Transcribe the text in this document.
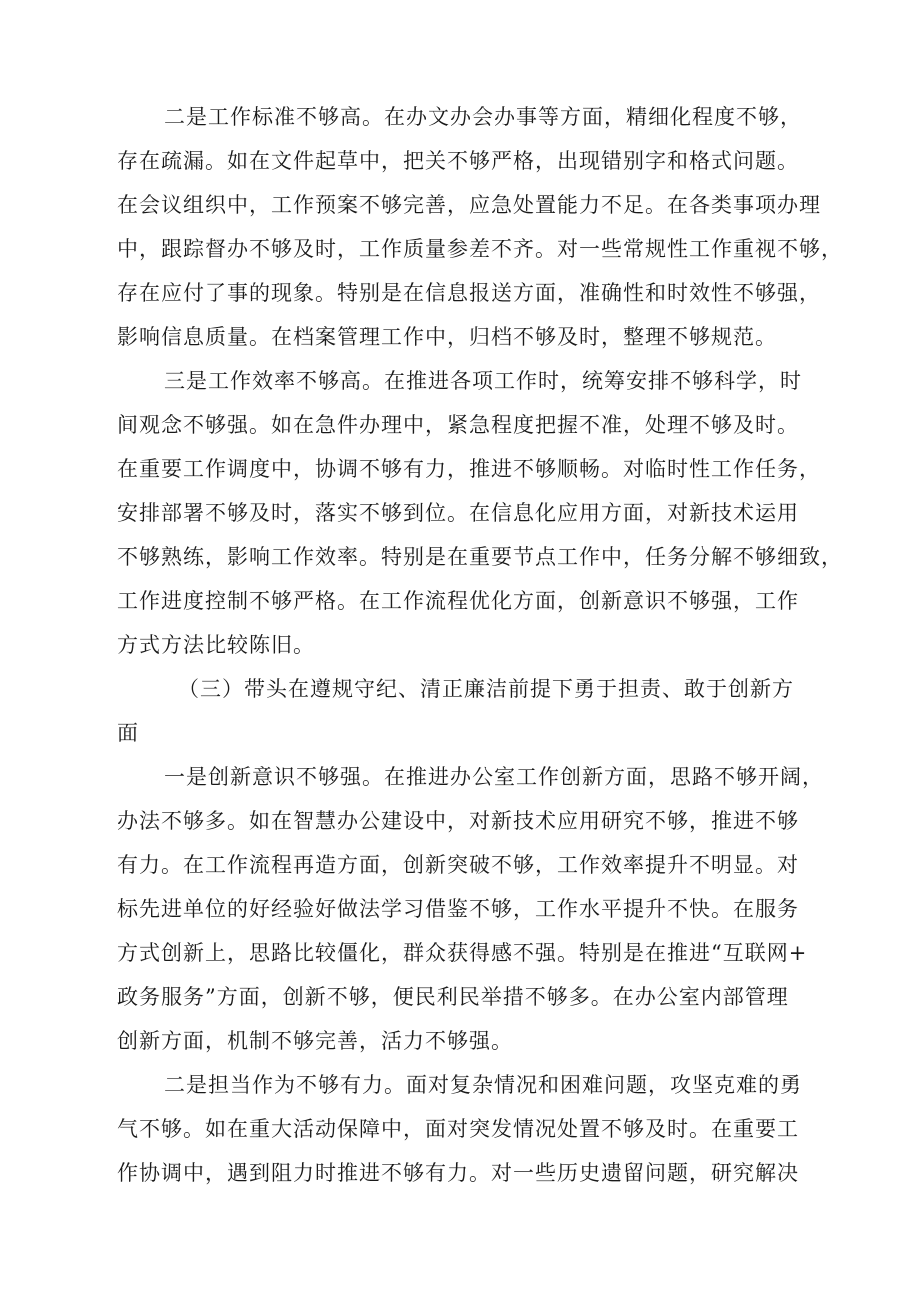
二是工作标准不够高。在办文办会办事等方面，精细化程度不够，

存在疏漏。如在文件起草中，把关不够严格，出现错别字和格式问题。

在会议组织中，工作预案不够完善，应急处置能力不足。在各类事项办理

中，跟踪督办不够及时，工作质量参差不齐。对一些常规性工作重视不够，

存在应付了事的现象。特别是在信息报送方面，准确性和时效性不够强，

影响信息质量。在档案管理工作中，归档不够及时，整理不够规范。

三是工作效率不够高。在推进各项工作时，统筹安排不够科学，时

间观念不够强。如在急件办理中，紧急程度把握不准，处理不够及时。

在重要工作调度中，协调不够有力，推进不够顺畅。对临时性工作任务，

安排部署不够及时，落实不够到位。在信息化应用方面，对新技术运用

不够熟练，影响工作效率。特别是在重要节点工作中，任务分解不够细致，

工作进度控制不够严格。在工作流程优化方面，创新意识不够强，工作

方式方法比较陈旧。

（三）带头在遵规守纪、清正廉洁前提下勇于担责、敢于创新方

面

一是创新意识不够强。在推进办公室工作创新方面，思路不够开阔，

办法不够多。如在智慧办公建设中，对新技术应用研究不够，推进不够

有力。在工作流程再造方面，创新突破不够，工作效率提升不明显。对

标先进单位的好经验好做法学习借鉴不够，工作水平提升不快。在服务

方式创新上，思路比较僵化，群众获得感不强。特别是在推进“互联网+

政务服务”方面，创新不够，便民利民举措不够多。在办公室内部管理

创新方面，机制不够完善，活力不够强。

二是担当作为不够有力。面对复杂情况和困难问题，攻坚克难的勇

气不够。如在重大活动保障中，面对突发情况处置不够及时。在重要工

作协调中，遇到阻力时推进不够有力。对一些历史遗留问题，研究解决
